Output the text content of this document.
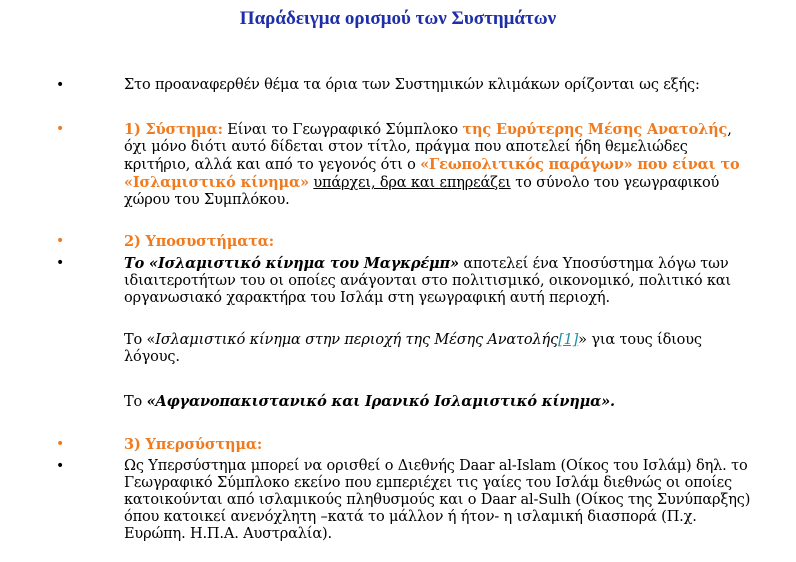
Παράδειγμα ορισμού των Συστημάτων
•	Στο προαναφερθέν θέμα τα όρια των Συστημικών κλιμάκων ορίζονται ως εξής:
•	1) Σύστημα: Είναι το Γεωγραφικό Σύμπλοκο της Ευρύτερης Μέσης Ανατολής, όχι μόνο διότι αυτό δίδεται στον τίτλο, πράγμα που αποτελεί ήδη θεμελιώδες κριτήριο, αλλά και από το γεγονός ότι ο «Γεωπολιτικός παράγων» που είναι το «Ισλαμιστικό κίνημα» υπάρχει, δρα και επηρεάζει το σύνολο του γεωγραφικού χώρου του Συμπλόκου.
•	2) Υποσυστήματα:
•	Το «Ισλαμιστικό κίνημα του Μαγκρέμπ» αποτελεί ένα Υποσύστημα λόγω των ιδιαιτεροτήτων του οι οποίες ανάγονται στο πολιτισμικό, οικονομικό, πολιτικό και οργανωσιακό χαρακτήρα του Ισλάμ στη γεωγραφική αυτή περιοχή.
Το «Ισλαμιστικό κίνημα στην περιοχή της Μέσης Ανατολής[1]» για τους ίδιους λόγους.
Το «Αφγανοπακιστανικό και Ιρανικό Ισλαμιστικό κίνημα».
•	3) Υπερσύστημα:
•	Ως Υπερσύστημα μπορεί να ορισθεί ο Διεθνής Daar al-Islam (Οίκος του Ισλάμ) δηλ. το Γεωγραφικό Σύμπλοκο εκείνο που εμπεριέχει τις γαίες του Ισλάμ διεθνώς οι οποίες κατοικούνται από ισλαμικούς πληθυσμούς και ο Daar al-Sulh (Οίκος της Συνύπαρξης) όπου κατοικεί ανενόχλητη –κατά το μάλλον ή ήτον- η ισλαμική διασπορά (Π.χ. Ευρώπη. Η.Π.Α. Αυστραλία).
